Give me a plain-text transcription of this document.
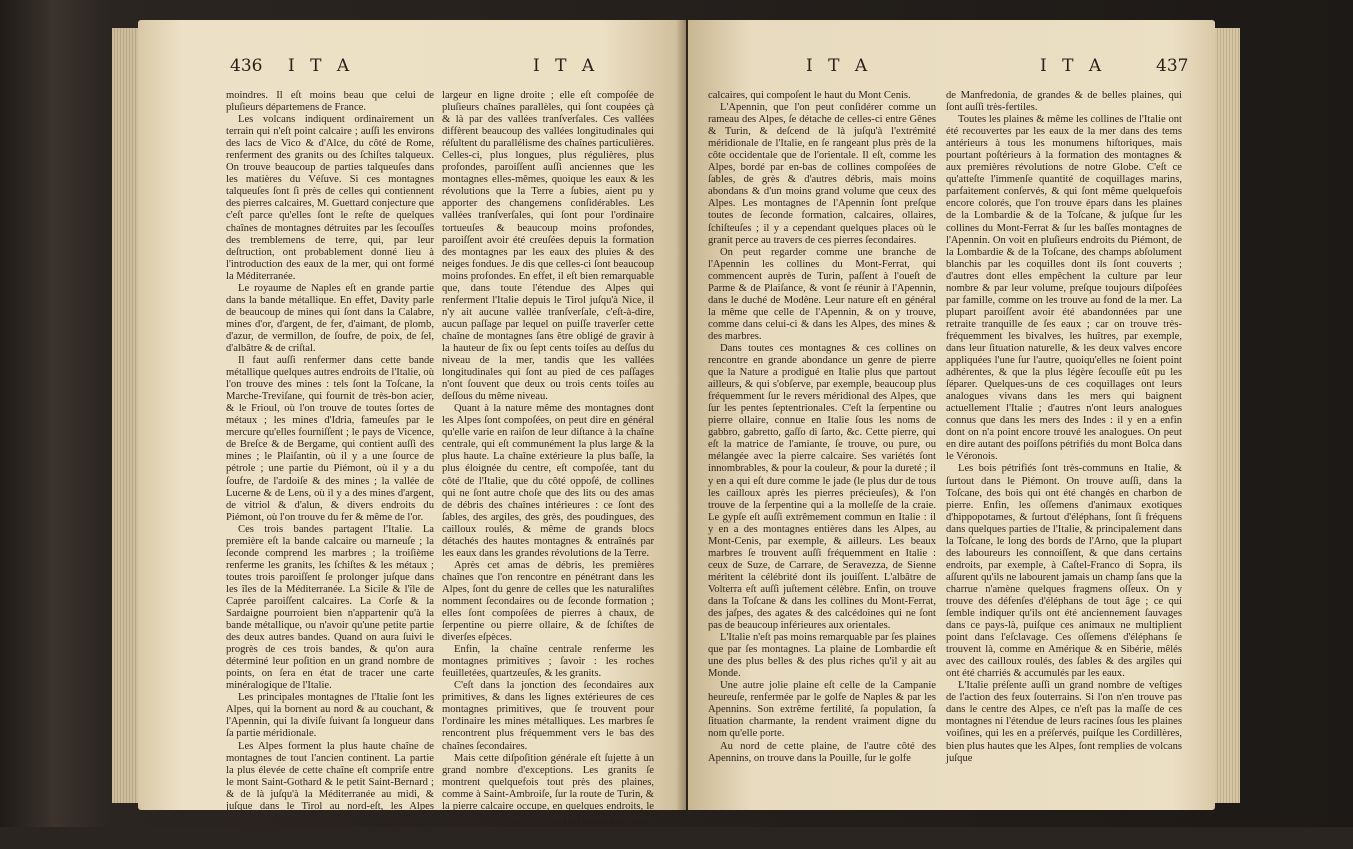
436 I T A	I T A

moindres. Il eſt moins beau que celui de pluſieurs départemens de France.

Les volcans indiquent ordinairement un terrain qui n'eſt point calcaire ; auſſi les environs des lacs de Vico & d'Alce, du côté de Rome, renferment des granits ou des ſchiſtes talqueux. On trouve beaucoup de parties talqueuſes dans les matières du Véſuve. Si ces montagnes talqueuſes ſont ſi près de celles qui contiennent des pierres calcaires, M. Guettard conjecture que c'eſt parce qu'elles ſont le reſte de quelques chaînes de montagnes détruites par les ſecouſſes des tremblemens de terre, qui, par leur deſtruction, ont probablement donné lieu à l'introduction des eaux de la mer, qui ont formé la Méditerranée.

Le royaume de Naples eſt en grande partie dans la bande métallique. En effet, Davity parle de beaucoup de mines qui ſont dans la Calabre, mines d'or, d'argent, de fer, d'aimant, de plomb, d'azur, de vermillon, de ſoufre, de poix, de ſel, d'albâtre & de criſtal.

Il faut auſſi renfermer dans cette bande métallique quelques autres endroits de l'Italie, où l'on trouve des mines : tels ſont la Toſcane, la Marche-Treviſane, qui fournit de très-bon acier, & le Frioul, où l'on trouve de toutes ſortes de métaux ; les mines d'Idria, fameuſes par le mercure qu'elles fourniſſent ; le pays de Vicence, de Breſce & de Bergame, qui contient auſſi des mines ; le Plaiſantin, où il y a une ſource de pétrole ; une partie du Piémont, où il y a du ſoufre, de l'ardoiſe & des mines ; la vallée de Lucerne & de Lens, où il y a des mines d'argent, de vitriol & d'alun, & divers endroits du Piémont, où l'on trouve du fer & même de l'or.

Ces trois bandes partagent l'Italie. La première eſt la bande calcaire ou marneuſe ; la ſeconde comprend les marbres ; la troiſième renferme les granits, les ſchiſtes & les métaux ; toutes trois paroiſſent ſe prolonger juſque dans les îles de la Méditerranée. La Sicile & l'île de Caprée paroiſſent calcaires. La Corſe & la Sardaigne pourroient bien n'appartenir qu'à la bande métallique, ou n'avoir qu'une petite partie des deux autres bandes. Quand on aura ſuivi le progrès de ces trois bandes, & qu'on aura déterminé leur poſition en un grand nombre de points, on ſera en état de tracer une carte minéralogique de l'Italie.

Les principales montagnes de l'Italie ſont les Alpes, qui la bornent au nord & au couchant, & l'Apennin, qui la diviſe ſuivant ſa longueur dans ſa partie méridionale.

Les Alpes forment la plus haute chaîne de montagnes de tout l'ancien continent. La partie la plus élevée de cette chaîne eſt compriſe entre le mont Saint-Gothard & le petit Saint-Bernard ; & de là juſqu'à la Méditerranée au midi, & juſque dans le Tirol au nord-eſt, les Alpes s'abaiſſent continuellement.

Cette chaîne a quarante ou cinquante lieues de

largeur en ligne droite ; elle eſt compoſée de pluſieurs chaînes parallèles, qui ſont coupées çà & là par des vallées tranſverſales. Ces vallées diffèrent beaucoup des vallées longitudinales qui réſultent du parallélisme des chaînes particulières. Celles-ci, plus longues, plus régulières, plus profondes, paroiſſent auſſi anciennes que les montagnes elles-mêmes, quoique les eaux & les révolutions que la Terre a ſubies, aient pu y apporter des changemens conſidérables. Les vallées tranſverſales, qui ſont pour l'ordinaire tortueuſes & beaucoup moins profondes, paroiſſent avoir été creuſées depuis la formation des montagnes par les eaux des pluies & des neiges fondues. Je dis que celles-ci ſont beaucoup moins profondes. En effet, il eſt bien remarquable que, dans toute l'étendue des Alpes qui renferment l'Italie depuis le Tirol juſqu'à Nice, il n'y ait aucune vallée tranſverſale, c'eſt-à-dire, aucun paſſage par lequel on puiſſe traverſer cette chaîne de montagnes ſans être obligé de gravir à la hauteur de ſix ou ſept cents toiſes au deſſus du niveau de la mer, tandis que les vallées longitudinales qui ſont au pied de ces paſſages n'ont ſouvent que deux ou trois cents toiſes au deſſous du même niveau.

Quant à la nature même des montagnes dont les Alpes ſont compoſées, on peut dire en général qu'elle varie en raiſon de leur diſtance à la chaîne centrale, qui eſt communément la plus large & la plus haute. La chaîne extérieure la plus baſſe, la plus éloignée du centre, eſt compoſée, tant du côté de l'Italie, que du côté oppoſé, de collines qui ne ſont autre choſe que des lits ou des amas de débris des chaînes intérieures : ce ſont des ſables, des argiles, des grès, des poudingues, des cailloux roulés, & même de grands blocs détachés des hautes montagnes & entraînés par les eaux dans les grandes révolutions de la Terre.

Après cet amas de débris, les premières chaînes que l'on rencontre en pénétrant dans les Alpes, ſont du genre de celles que les naturaliſtes nomment ſecondaires ou de ſeconde formation ; elles ſont compoſées de pierres à chaux, de ſerpentine ou pierre ollaire, & de ſchiſtes de diverſes eſpèces.

Enfin, la chaîne centrale renferme les montagnes primitives ; ſavoir : les roches feuilletées, quartzeuſes, & les granits.

C'eſt dans la jonction des ſecondaires aux primitives, & dans les lignes extérieures de ces montagnes primitives, que ſe trouvent pour l'ordinaire les mines métalliques. Les marbres ſe rencontrent plus fréquemment vers le bas des chaînes ſecondaires.

Mais cette diſpoſition générale eſt ſujette à un grand nombre d'exceptions. Les granits ſe montrent quelquefois tout près des plaines, comme à Saint-Ambroiſe, ſur la route de Turin, & la pierre calcaire occupe, en quelques endroits, le centre de la chaîne ; tels ſont les ſchiſtes micacés,

I T A	I T A	437

calcaires, qui compoſent le haut du Mont Cenis.

L'Apennin, que l'on peut conſidérer comme un rameau des Alpes, ſe détache de celles-ci entre Gênes & Turin, & deſcend de là juſqu'à l'extrémité méridionale de l'Italie, en ſe rangeant plus près de la côte occidentale que de l'orientale. Il eſt, comme les Alpes, bordé par en-bas de collines compoſées de ſables, de grès & d'autres débris, mais moins abondans & d'un moins grand volume que ceux des Alpes. Les montagnes de l'Apennin ſont preſque toutes de ſeconde formation, calcaires, ollaires, ſchiſteuſes ; il y a cependant quelques places où le granit perce au travers de ces pierres ſecondaires.

On peut regarder comme une branche de l'Apennin les collines du Mont-Ferrat, qui commencent auprès de Turin, paſſent à l'oueſt de Parme & de Plaiſance, & vont ſe réunir à l'Apennin, dans le duché de Modène. Leur nature eſt en général la même que celle de l'Apennin, & on y trouve, comme dans celui-ci & dans les Alpes, des mines & des marbres.

Dans toutes ces montagnes & ces collines on rencontre en grande abondance un genre de pierre que la Nature a prodigué en Italie plus que partout ailleurs, & qui s'obſerve, par exemple, beaucoup plus fréquemment ſur le revers méridional des Alpes, que ſur les pentes ſeptentrionales. C'eſt la ſerpentine ou pierre ollaire, connue en Italie ſous les noms de gabbro, gabretto, gaſſo di ſarto, &c. Cette pierre, qui eſt la matrice de l'amiante, ſe trouve, ou pure, ou mélangée avec la pierre calcaire. Ses variétés ſont innombrables, & pour la couleur, & pour la dureté ; il y en a qui eſt dure comme le jade (le plus dur de tous les cailloux après les pierres précieuſes), & l'on trouve de la ſerpentine qui a la molleſſe de la craie. Le gypſe eſt auſſi extrêmement commun en Italie : il y en a des montagnes entières dans les Alpes, au Mont-Cenis, par exemple, & ailleurs. Les beaux marbres ſe trouvent auſſi fréquemment en Italie : ceux de Suze, de Carrare, de Seravezza, de Sienne méritent la célébrité dont ils jouiſſent. L'albâtre de Volterra eſt auſſi juſtement célèbre. Enfin, on trouve dans la Toſcane & dans les collines du Mont-Ferrat, des jaſpes, des agates & des calcédoines qui ne ſont pas de beaucoup inférieures aux orientales.

L'Italie n'eſt pas moins remarquable par ſes plaines que par ſes montagnes. La plaine de Lombardie eſt une des plus belles & des plus riches qu'il y ait au Monde.

Une autre jolie plaine eſt celle de la Campanie heureuſe, renfermée par le golfe de Naples & par les Apennins. Son extrême fertilité, ſa population, ſa ſituation charmante, la rendent vraiment digne du nom qu'elle porte.

Au nord de cette plaine, de l'autre côté des Apennins, on trouve dans la Pouille, ſur le golfe

de Manfredonia, de grandes & de belles plaines, qui ſont auſſi très-fertiles.

Toutes les plaines & même les collines de l'Italie ont été recouvertes par les eaux de la mer dans des tems antérieurs à tous les monumens hiſtoriques, mais pourtant poſtérieurs à la formation des montagnes & aux premières révolutions de notre Globe. C'eſt ce qu'atteſte l'immenſe quantité de coquillages marins, parfaitement conſervés, & qui ſont même quelquefois encore colorés, que l'on trouve épars dans les plaines de la Lombardie & de la Toſcane, & juſque ſur les collines du Mont-Ferrat & ſur les baſſes montagnes de l'Apennin. On voit en pluſieurs endroits du Piémont, de la Lombardie & de la Toſcane, des champs abſolument blanchis par les coquilles dont ils ſont couverts ; d'autres dont elles empêchent la culture par leur nombre & par leur volume, preſque toujours diſpoſées par famille, comme on les trouve au fond de la mer. La plupart paroiſſent avoir été abandonnées par une retraite tranquille de ſes eaux ; car on trouve très-fréquemment les bivalves, les huîtres, par exemple, dans leur ſituation naturelle, & les deux valves encore appliquées l'une ſur l'autre, quoiqu'elles ne ſoient point adhérentes, & que la plus légère ſecouſſe eût pu les ſéparer. Quelques-uns de ces coquillages ont leurs analogues vivans dans les mers qui baignent actuellement l'Italie ; d'autres n'ont leurs analogues connus que dans les mers des Indes : il y en a enfin dont on n'a point encore trouvé les analogues. On peut en dire autant des poiſſons pétrifiés du mont Bolca dans le Véronois.

Les bois pétrifiés ſont très-communs en Italie, & ſurtout dans le Piémont. On trouve auſſi, dans la Toſcane, des bois qui ont été changés en charbon de pierre. Enfin, les oſſemens d'animaux exotiques d'hippopotames, & ſurtout d'éléphans, ſont ſi fréquens dans quelques parties de l'Italie, & principalement dans la Toſcane, le long des bords de l'Arno, que la plupart des laboureurs les connoiſſent, & que dans certains endroits, par exemple, à Caſtel-Franco di Sopra, ils aſſurent qu'ils ne labourent jamais un champ ſans que la charrue n'amène quelques fragmens oſſeux. On y trouve des défenſes d'éléphans de tout âge ; ce qui ſemble indiquer qu'ils ont été anciennement ſauvages dans ce pays-là, puiſque ces animaux ne multiplient point dans l'eſclavage. Ces oſſemens d'éléphans ſe trouvent là, comme en Amérique & en Sibérie, mêlés avec des cailloux roulés, des ſables & des argiles qui ont été charriés & accumulés par les eaux.

L'Italie préſente auſſi un grand nombre de veſtiges de l'action des feux ſouterrains. Si l'on n'en trouve pas dans le centre des Alpes, ce n'eſt pas la maſſe de ces montagnes ni l'étendue de leurs racines ſous les plaines voiſines, qui les en a préſervés, puiſque les Cordillères, bien plus hautes que les Alpes, ſont remplies de volcans juſque
